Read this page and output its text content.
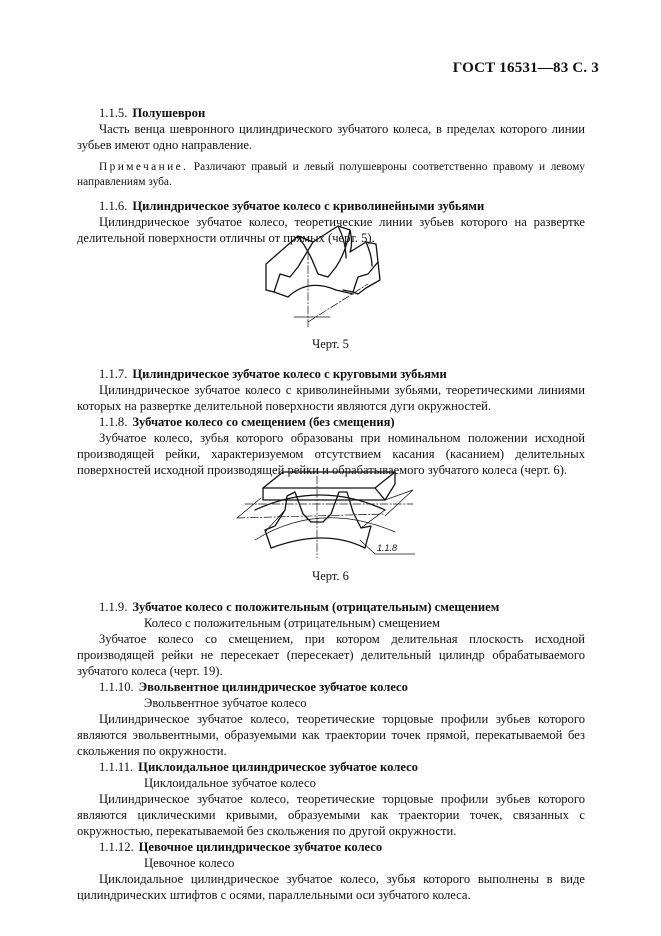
ГОСТ 16531—83 С. 3

1.1.5. Полушеврон

Часть венца шевронного цилиндрического зубчатого колеса, в пределах которого линии зубьев имеют одно направление.

Примечание. Различают правый и левый полушевроны соответственно правому и левому направлениям зуба.

1.1.6. Цилиндрическое зубчатое колесо с криволинейными зубьями

Цилиндрическое зубчатое колесо, теоретические линии зубьев которого на развертке делительной поверхности отличны от прямых (черт. 5).

Черт. 5

1.1.7. Цилиндрическое зубчатое колесо с круговыми зубьями

Цилиндрическое зубчатое колесо с криволинейными зубьями, теоретическими линиями которых на развертке делительной поверхности являются дуги окружностей.

1.1.8. Зубчатое колесо со смещением (без смещения)

Зубчатое колесо, зубья которого образованы при номинальном положении исходной производящей рейки, характеризуемом отсутствием касания (касанием) делительных поверхностей исходной производящей рейки и обрабатываемого зубчатого колеса (черт. 6).

1.1.8
Черт. 6

1.1.9. Зубчатое колесо с положительным (отрицательным) смещением

Колесо с положительным (отрицательным) смещением

Зубчатое колесо со смещением, при котором делительная плоскость исходной производящей рейки не пересекает (пересекает) делительный цилиндр обрабатываемого зубчатого колеса (черт. 19).

1.1.10. Эвольвентное цилиндрическое зубчатое колесо

Эвольвентное зубчатое колесо

Цилиндрическое зубчатое колесо, теоретические торцовые профили зубьев которого являются эвольвентными, образуемыми как траектории точек прямой, перекатываемой без скольжения по окружности.

1.1.11. Циклоидальное цилиндрическое зубчатое колесо

Циклоидальное зубчатое колесо

Цилиндрическое зубчатое колесо, теоретические торцовые профили зубьев которого являются циклическими кривыми, образуемыми как траектории точек, связанных с окружностью, перекатываемой без скольжения по другой окружности.

1.1.12. Цевочное цилиндрическое зубчатое колесо

Цевочное колесо

Циклоидальное цилиндрическое зубчатое колесо, зубья которого выполнены в виде цилиндрических штифтов с осями, параллельными оси зубчатого колеса.
